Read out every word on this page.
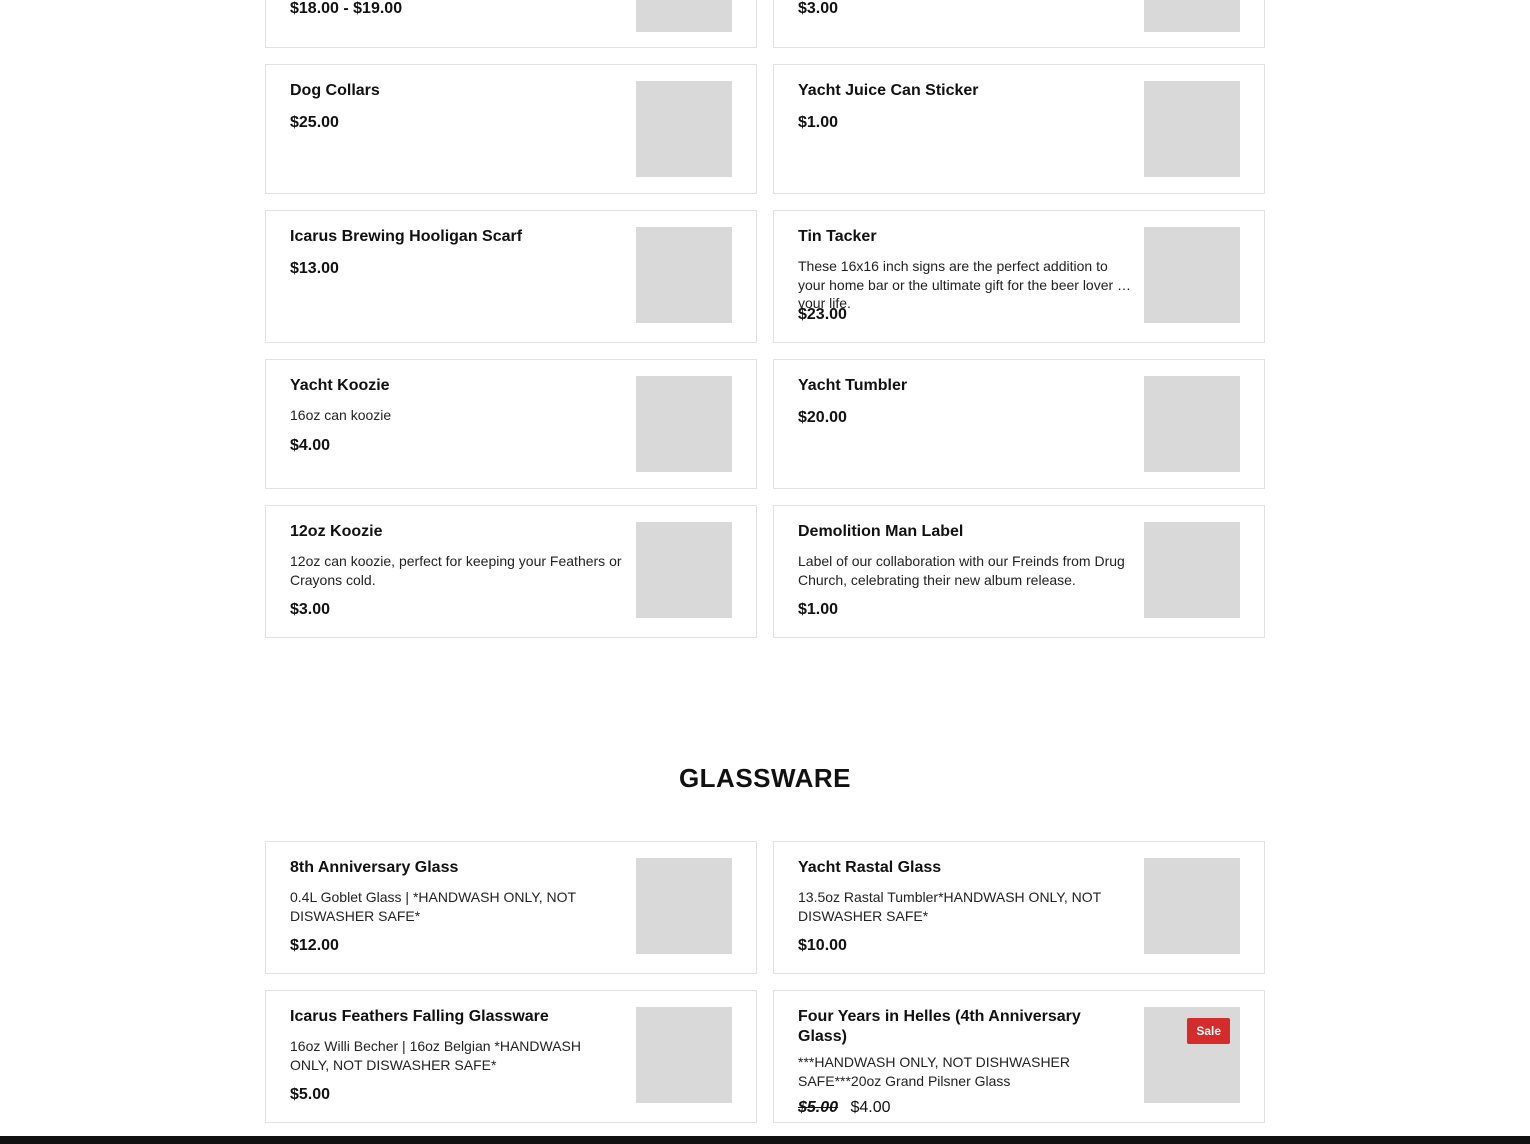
$18.00 - $19.00	$3.00
Dog Collars
$25.00
Yacht Juice Can Sticker
$1.00
Icarus Brewing Hooligan Scarf
$13.00
Tin Tacker
These 16x16 inch signs are the perfect addition to your home bar or the ultimate gift for the beer lover in your life.
$23.00
Yacht Koozie
16oz can koozie
$4.00
Yacht Tumbler
$20.00
12oz Koozie
12oz can koozie, perfect for keeping your Feathers or Crayons cold.
$3.00
Demolition Man Label
Label of our collaboration with our Freinds from Drug Church, celebrating their new album release.
$1.00
GLASSWARE
8th Anniversary Glass
0.4L Goblet Glass | *HANDWASH ONLY, NOT DISWASHER SAFE*
$12.00
Yacht Rastal Glass
13.5oz Rastal Tumbler*HANDWASH ONLY, NOT DISWASHER SAFE*
$10.00
Icarus Feathers Falling Glassware
16oz Willi Becher | 16oz Belgian *HANDWASH ONLY, NOT DISWASHER SAFE*
$5.00
Four Years in Helles (4th Anniversary Glass)
***HANDWASH ONLY, NOT DISHWASHER SAFE***20oz Grand Pilsner Glass
$5.00 $4.00
Sale
